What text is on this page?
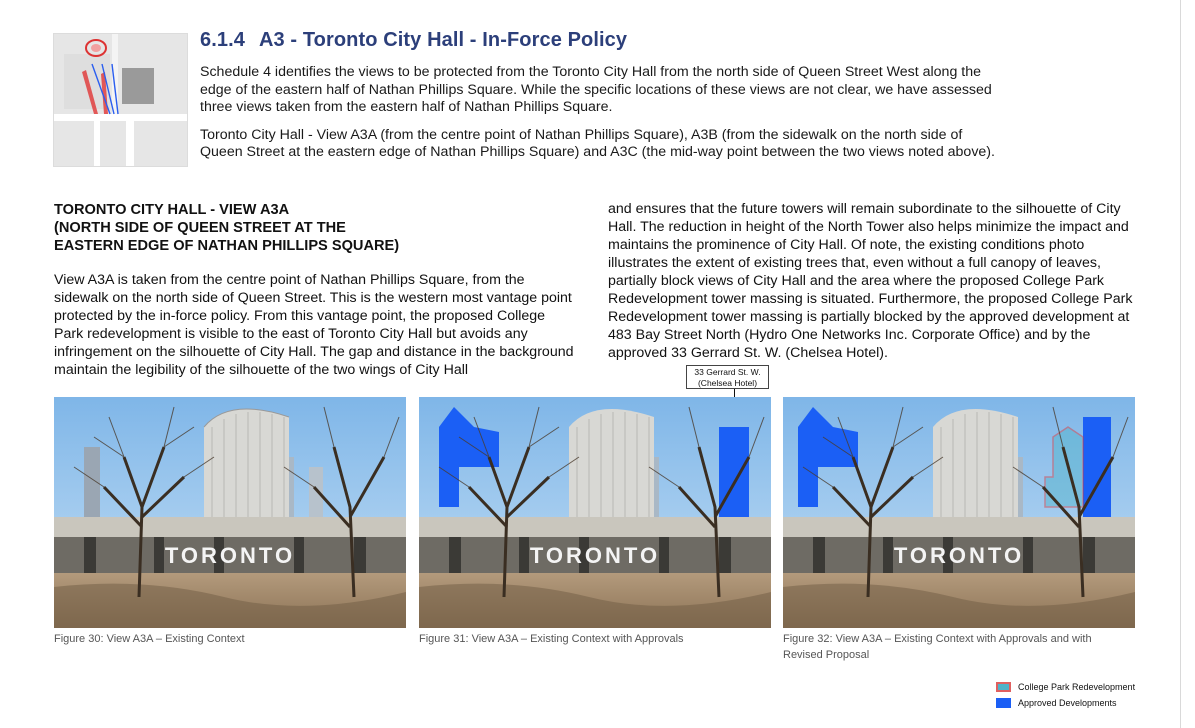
6.1.4 A3 - Toronto City Hall - In-Force Policy

Schedule 4 identifies the views to be protected from the Toronto City Hall from the north side of Queen Street West along the edge of the eastern half of Nathan Phillips Square. While the specific locations of these views are not clear, we have assessed three views taken from the eastern half of Nathan Phillips Square.

Toronto City Hall - View A3A (from the centre point of Nathan Phillips Square), A3B (from the sidewalk on the north side of Queen Street at the eastern edge of Nathan Phillips Square) and A3C (the mid-way point between the two views noted above).

TORONTO CITY HALL - VIEW A3A
(NORTH SIDE OF QUEEN STREET AT THE
EASTERN EDGE OF NATHAN PHILLIPS SQUARE)
View A3A is taken from the centre point of Nathan Phillips Square, from the sidewalk on the north side of Queen Street. This is the western most vantage point protected by the in-force policy. From this vantage point, the proposed College Park redevelopment is visible to the east of Toronto City Hall but avoids any infringement on the silhouette of City Hall. The gap and distance in the background maintain the legibility of the silhouette of the two wings of City Hall
and ensures that the future towers will remain subordinate to the silhouette of City Hall. The reduction in height of the North Tower also helps minimize the impact and maintains the prominence of City Hall. Of note, the existing conditions photo illustrates the extent of existing trees that, even without a full canopy of leaves, partially block views of City Hall and the area where the proposed College Park Redevelopment tower massing is situated. Furthermore, the proposed College Park Redevelopment tower massing is partially blocked by the approved development at 483 Bay Street North (Hydro One Networks Inc. Corporate Office) and by the approved 33 Gerrard St. W. (Chelsea Hotel).
33 Gerrard St. W.
(Chelsea Hotel)
TORONTO
Figure 30: View A3A – Existing Context
TORONTO
Figure 31: View A3A – Existing Context with Approvals
TORONTO
Figure 32: View A3A – Existing Context with Approvals and with Revised Proposal
College Park Redevelopment
Approved Developments
